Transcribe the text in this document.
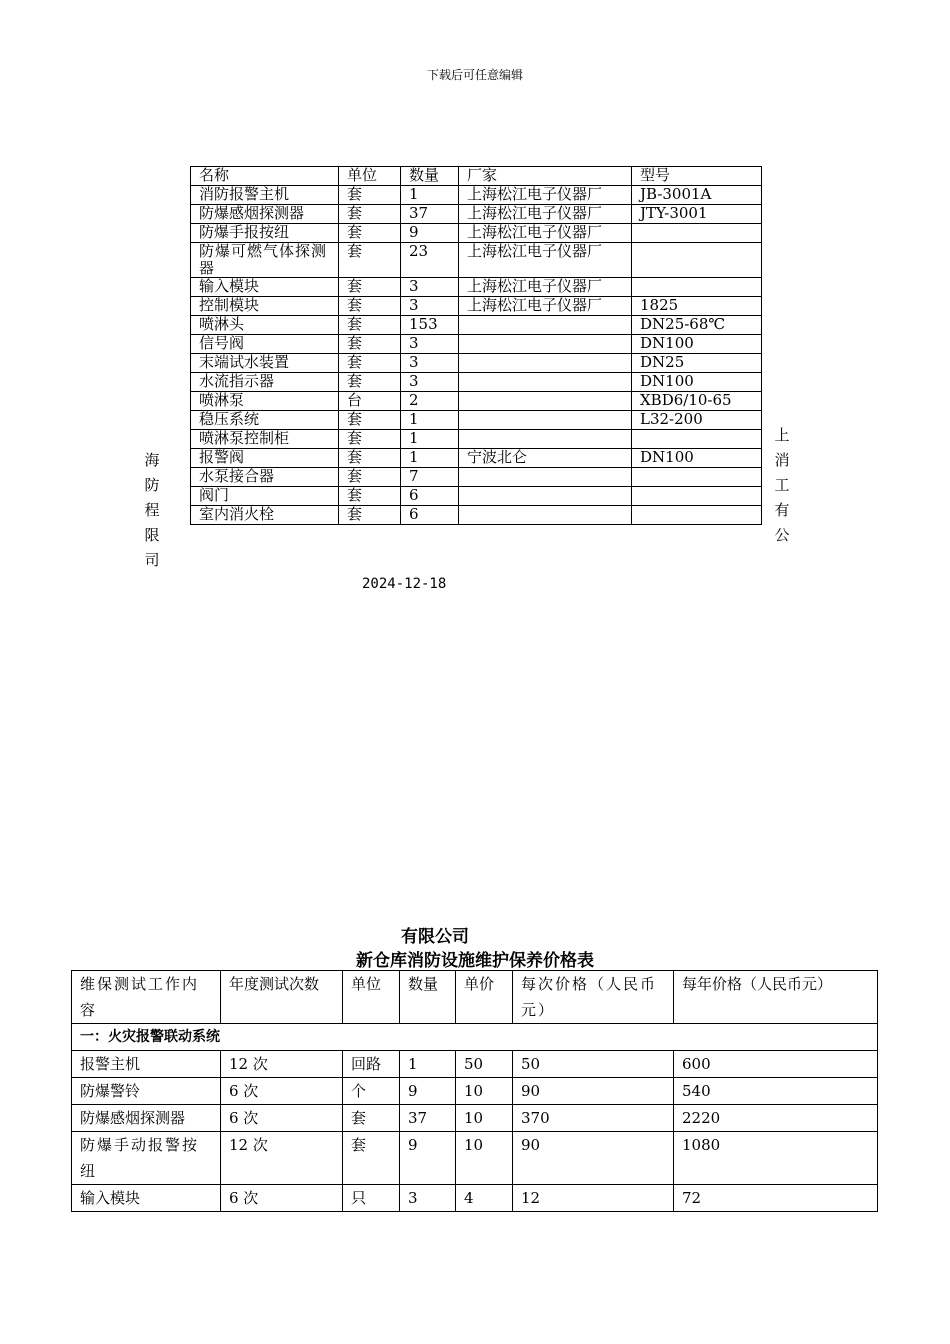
下载后可任意编辑
名称	单位	数量	厂家	型号
消防报警主机	套	1	上海松江电子仪器厂	JB-3001A
防爆感烟探测器	套	37	上海松江电子仪器厂	JTY-3001
防爆手报按纽	套	9	上海松江电子仪器厂	
防爆可燃气体探测器	套	23	上海松江电子仪器厂	
输入模块	套	3	上海松江电子仪器厂	
控制模块	套	3	上海松江电子仪器厂	1825
喷淋头	套	153		DN25-68℃
信号阀	套	3		DN100
末端试水装置	套	3		DN25
水流指示器	套	3		DN100
喷淋泵	台	2		XBD6/10-65
稳压系统	套	1		L32-200
喷淋泵控制柜	套	1		
报警阀	套	1	宁波北仑	DN100
水泵接合器	套	7		
阀门	套	6		
室内消火栓	套	6		
海
防
程
限
司
上
消
工
有
公
2024-12-18
有限公司
新仓库消防设施维护保养价格表
维保测试工作内容	年度测试次数	单位	数量	单价	每次价格（人民币元）	每年价格（人民币元）
一：火灾报警联动系统						
报警主机	12 次	回路	1	50	50	600
防爆警铃	6 次	个	9	10	90	540
防爆感烟探测器	6 次	套	37	10	370	2220
防爆手动报警按纽	12 次	套	9	10	90	1080
输入模块	6 次	只	3	4	12	72
